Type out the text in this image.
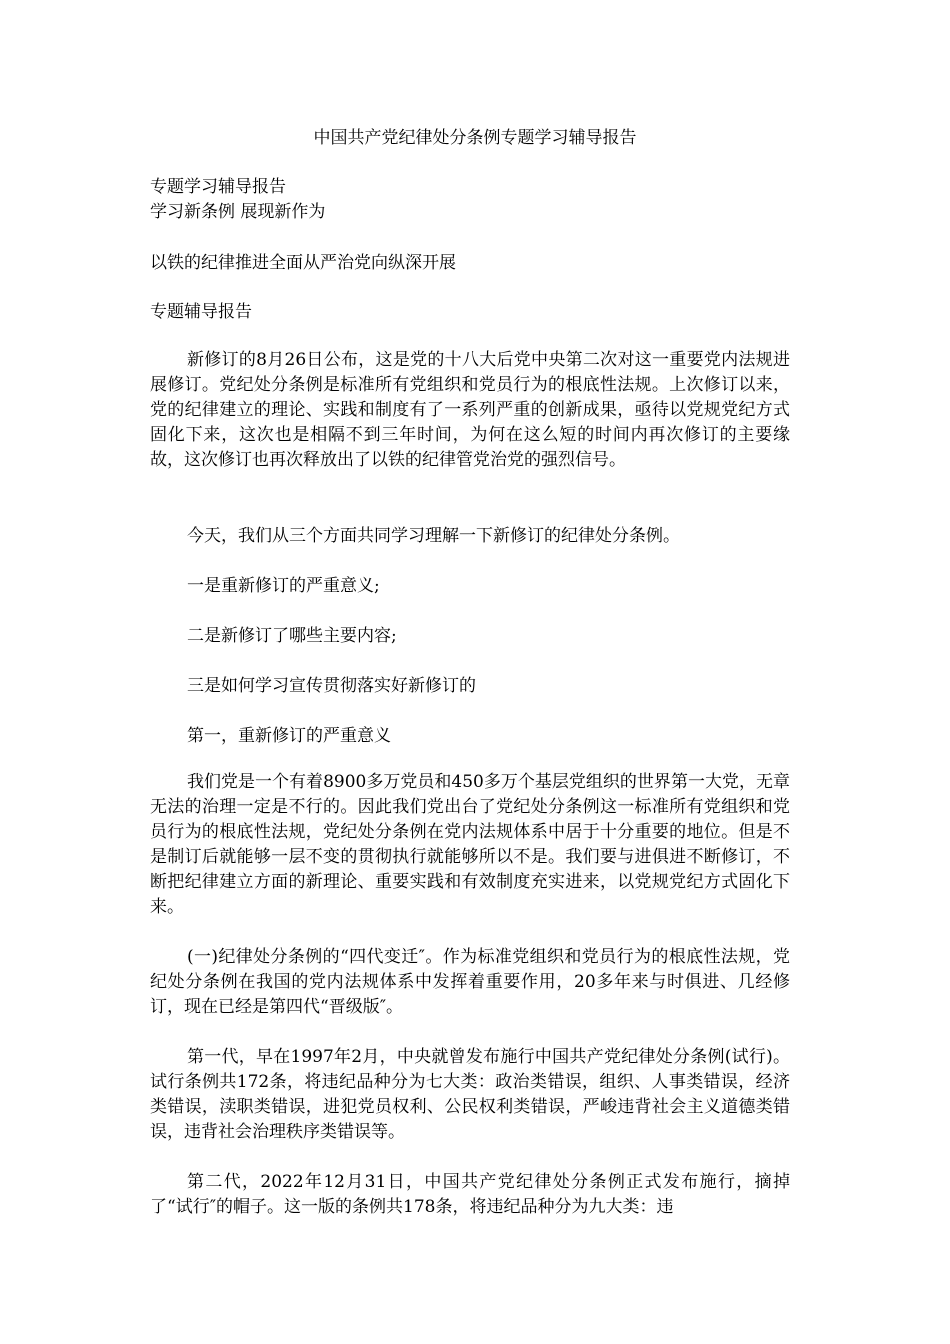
中国共产党纪律处分条例专题学习辅导报告

专题学习辅导报告

学习新条例 展现新作为

以铁的纪律推进全面从严治党向纵深开展

专题辅导报告

新修订的8月26日公布，这是党的十八大后党中央第二次对这一重要党内法规进展修订。党纪处分条例是标准所有党组织和党员行为的根底性法规。上次修订以来，党的纪律建立的理论、实践和制度有了一系列严重的创新成果，亟待以党规党纪方式固化下来，这次也是相隔不到三年时间，为何在这么短的时间内再次修订的主要缘故，这次修订也再次释放出了以铁的纪律管党治党的强烈信号。

今天，我们从三个方面共同学习理解一下新修订的纪律处分条例。

一是重新修订的严重意义;

二是新修订了哪些主要内容;

三是如何学习宣传贯彻落实好新修订的

第一，重新修订的严重意义

我们党是一个有着8900多万党员和450多万个基层党组织的世界第一大党，无章无法的治理一定是不行的。因此我们党出台了党纪处分条例这一标准所有党组织和党员行为的根底性法规，党纪处分条例在党内法规体系中居于十分重要的地位。但是不是制订后就能够一层不变的贯彻执行就能够所以不是。我们要与进俱进不断修订，不断把纪律建立方面的新理论、重要实践和有效制度充实进来，以党规党纪方式固化下来。

(一)纪律处分条例的“四代变迁″。作为标准党组织和党员行为的根底性法规，党纪处分条例在我国的党内法规体系中发挥着重要作用，20多年来与时俱进、几经修订，现在已经是第四代“晋级版″。

第一代，早在1997年2月，中央就曾发布施行中国共产党纪律处分条例(试行)。试行条例共172条，将违纪品种分为七大类：政治类错误，组织、人事类错误，经济类错误，渎职类错误，进犯党员权利、公民权利类错误，严峻违背社会主义道德类错误，违背社会治理秩序类错误等。

第二代，2022年12月31日，中国共产党纪律处分条例正式发布施行，摘掉了“试行″的帽子。这一版的条例共178条，将违纪品种分为九大类：违
